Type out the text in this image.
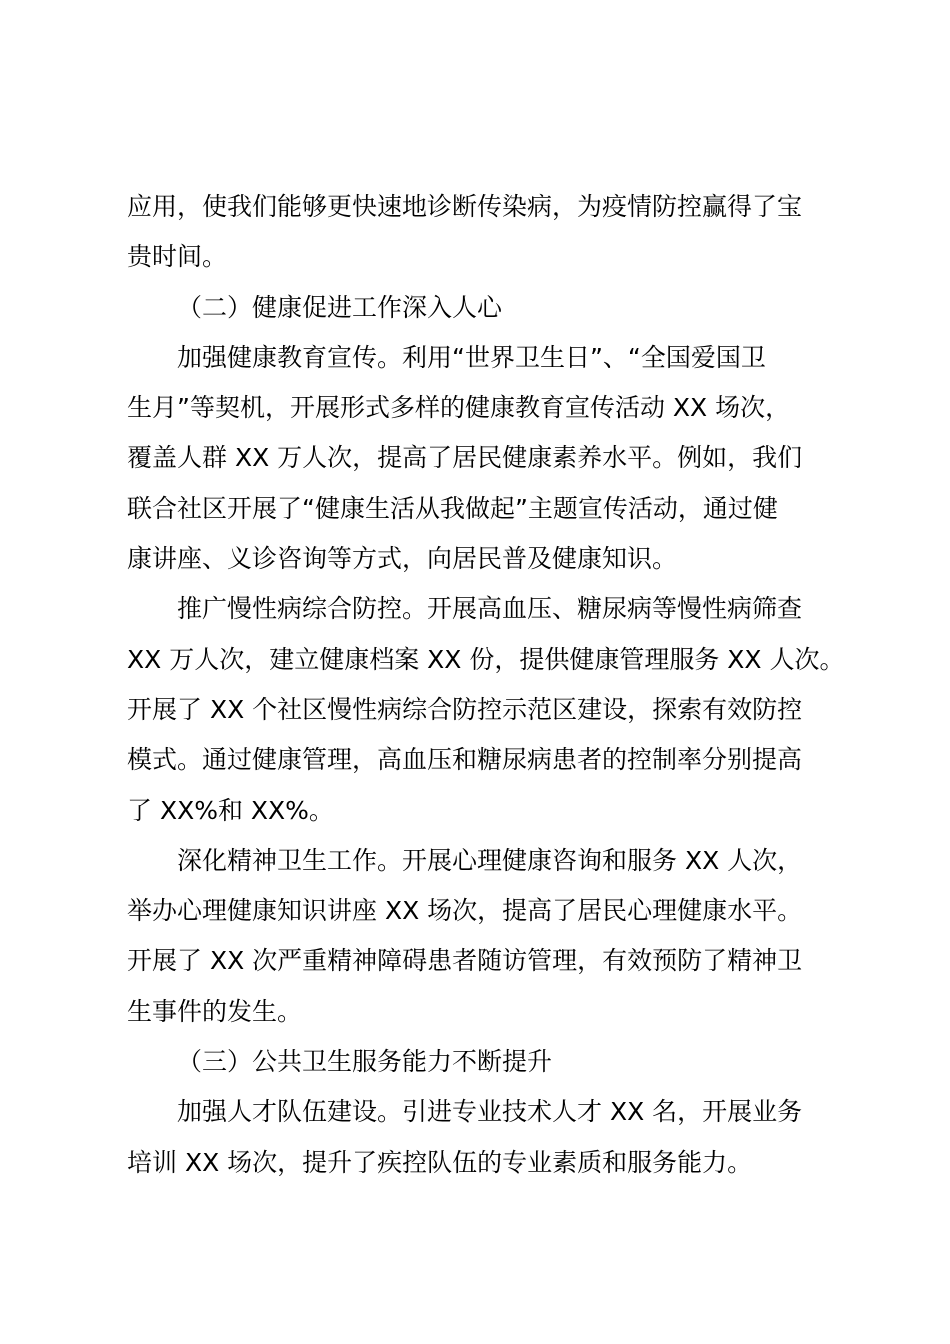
应用，使我们能够更快速地诊断传染病，为疫情防控赢得了宝
贵时间。
（二）健康促进工作深入人心
加强健康教育宣传。利用“世界卫生日”、“全国爱国卫
生月”等契机，开展形式多样的健康教育宣传活动 XX 场次，
覆盖人群 XX 万人次，提高了居民健康素养水平。例如，我们
联合社区开展了“健康生活从我做起”主题宣传活动，通过健
康讲座、义诊咨询等方式，向居民普及健康知识。
推广慢性病综合防控。开展高血压、糖尿病等慢性病筛查
XX 万人次，建立健康档案 XX 份，提供健康管理服务 XX 人次。
开展了 XX 个社区慢性病综合防控示范区建设，探索有效防控
模式。通过健康管理，高血压和糖尿病患者的控制率分别提高
了 XX%和 XX%。
深化精神卫生工作。开展心理健康咨询和服务 XX 人次，
举办心理健康知识讲座 XX 场次，提高了居民心理健康水平。
开展了 XX 次严重精神障碍患者随访管理，有效预防了精神卫
生事件的发生。
（三）公共卫生服务能力不断提升
加强人才队伍建设。引进专业技术人才 XX 名，开展业务
培训 XX 场次，提升了疾控队伍的专业素质和服务能力。
